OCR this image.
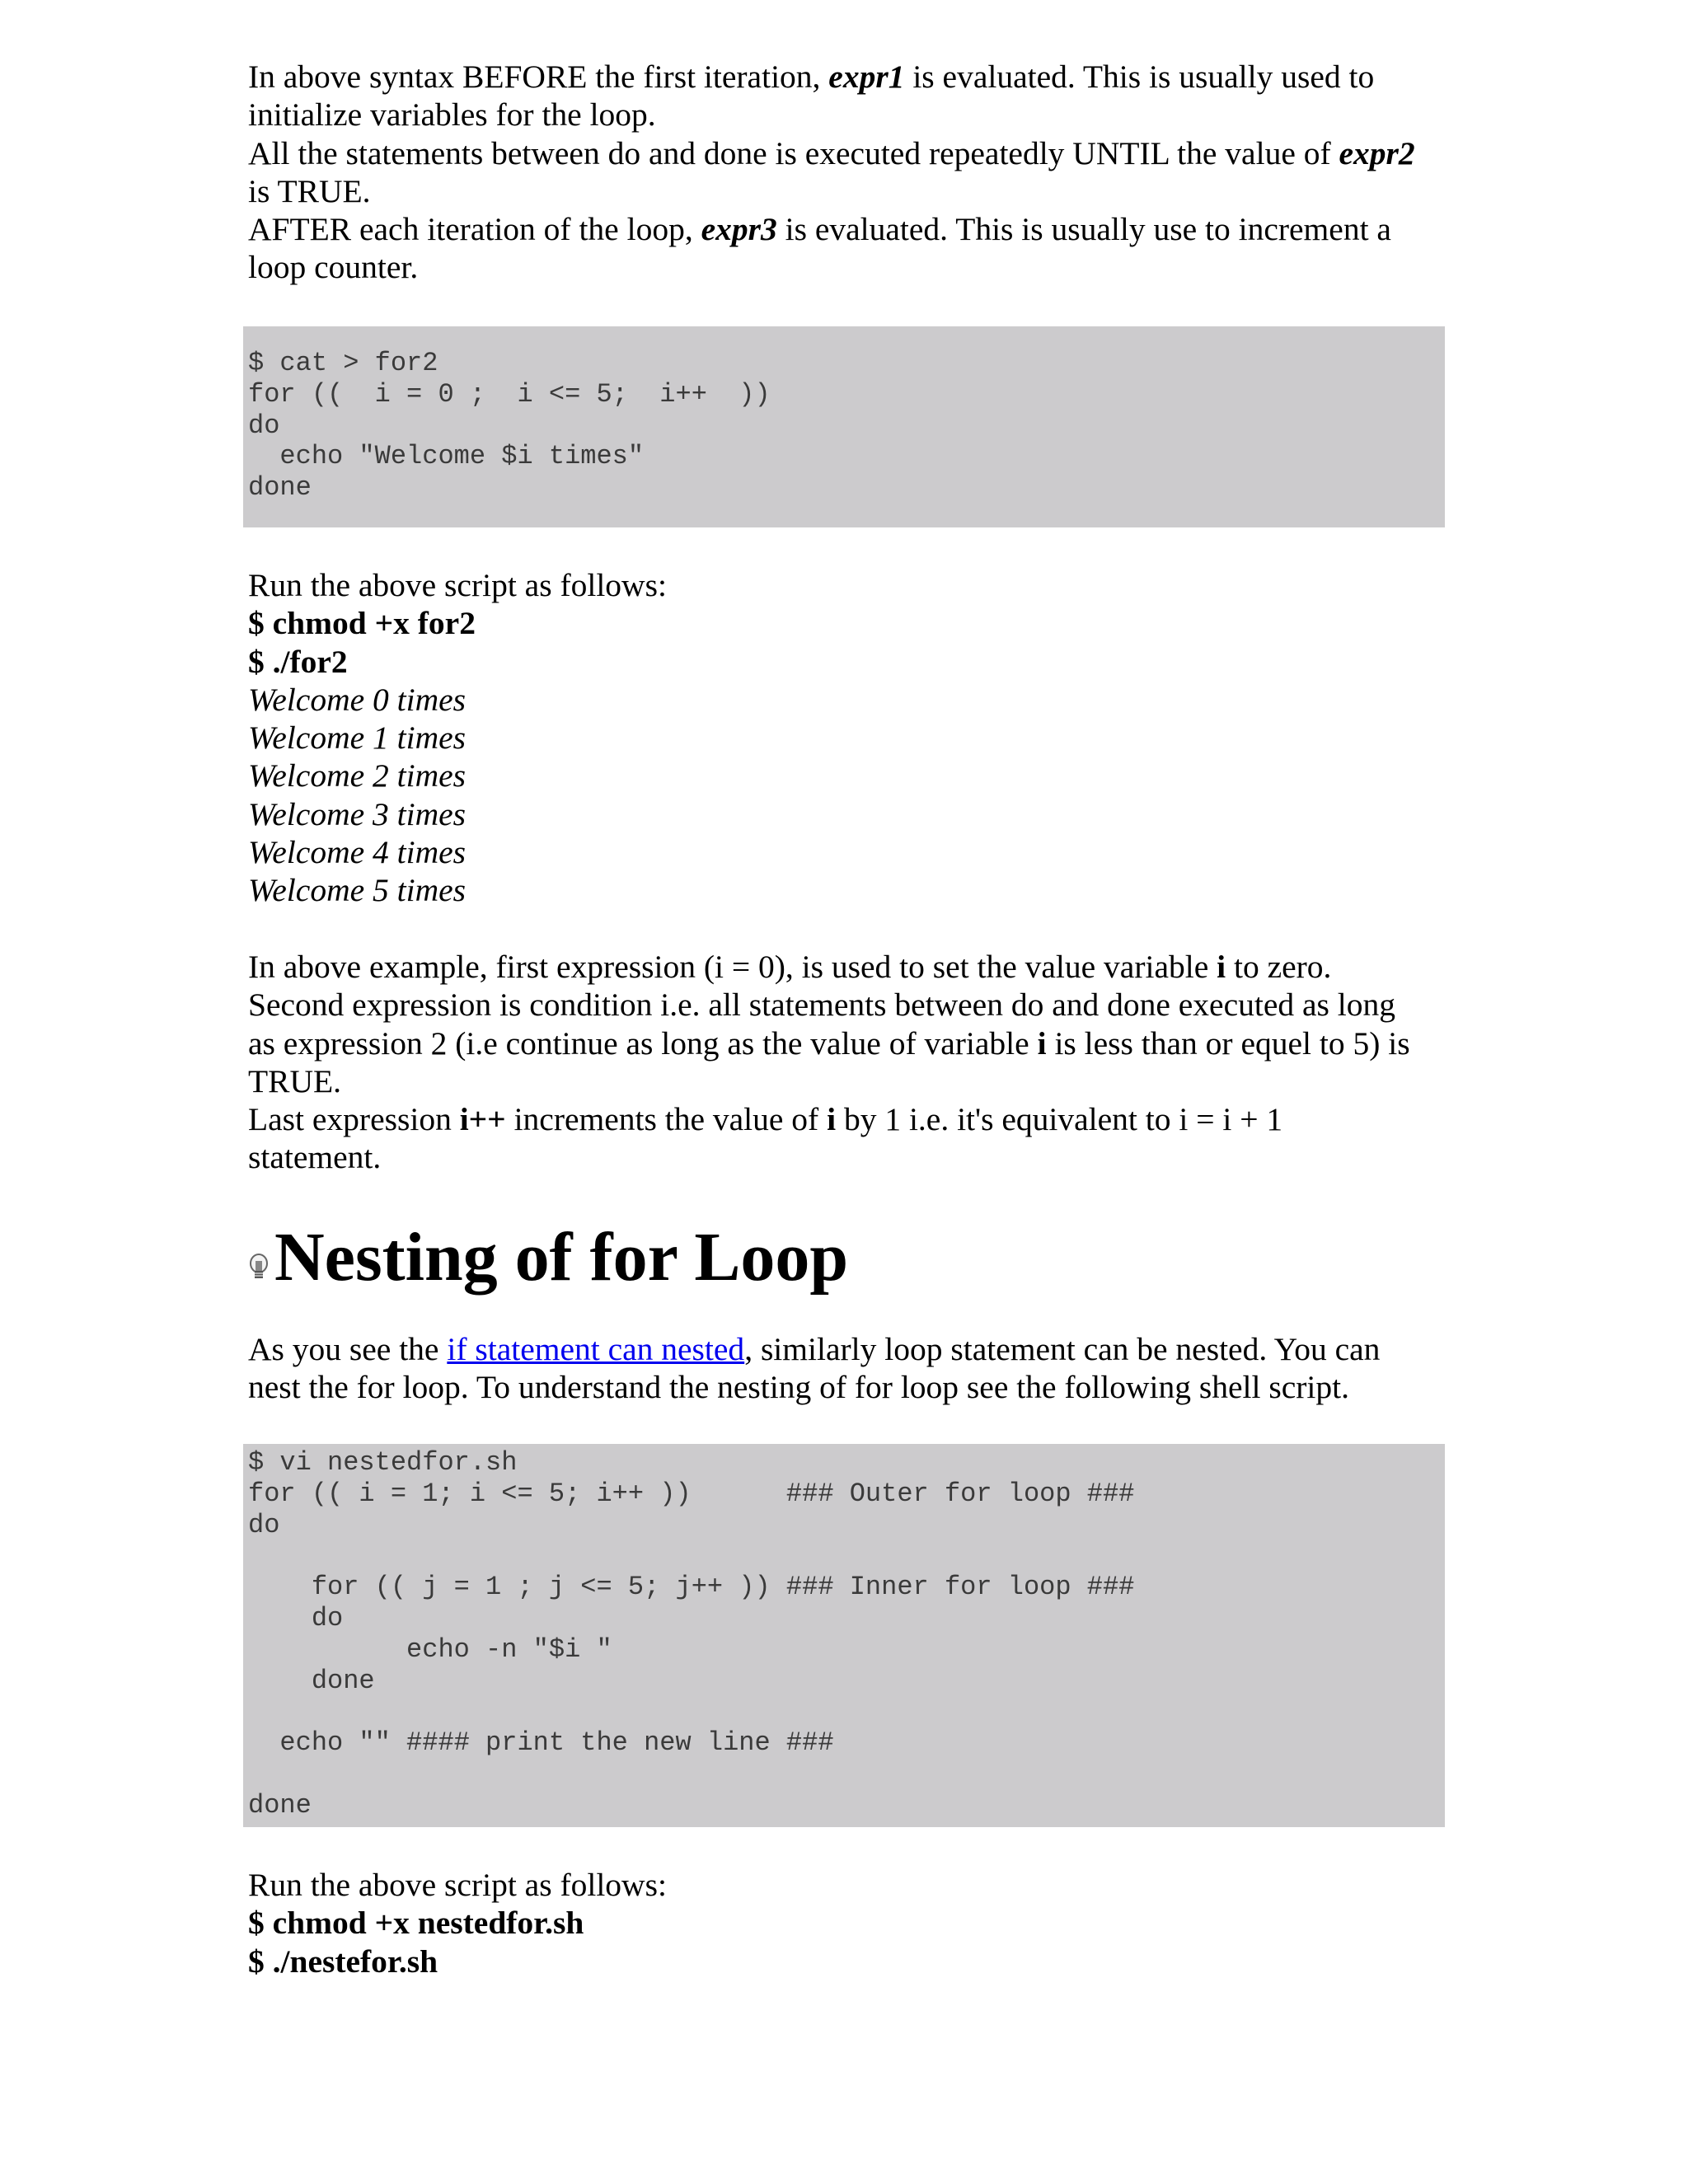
In above syntax BEFORE the first iteration, expr1 is evaluated. This is usually used to
initialize variables for the loop.
All the statements between do and done is executed repeatedly UNTIL the value of expr2
is TRUE.
AFTER each iteration of the loop, expr3 is evaluated. This is usually use to increment a
loop counter.
$ cat > for2
for ((  i = 0 ;  i <= 5;  i++  ))
do
echo "Welcome $i times"
done
Run the above script as follows:
$ chmod +x for2
$ ./for2
Welcome 0 times
Welcome 1 times
Welcome 2 times
Welcome 3 times
Welcome 4 times
Welcome 5 times
In above example, first expression (i = 0), is used to set the value variable i to zero.
Second expression is condition i.e. all statements between do and done executed as long
as expression 2 (i.e continue as long as the value of variable i is less than or equel to 5) is
TRUE.
Last expression i++ increments the value of i by 1 i.e. it's equivalent to i = i + 1
statement.
Nesting of for Loop
As you see the if statement can nested, similarly loop statement can be nested. You can
nest the for loop. To understand the nesting of for loop see the following shell script.
$ vi nestedfor.sh
for (( i = 1; i <= 5; i++ ))      ### Outer for loop ###
do

for (( j = 1 ; j <= 5; j++ )) ### Inner for loop ###
do
echo -n "$i "
done

echo "" #### print the new line ###

done
Run the above script as follows:
$ chmod +x nestedfor.sh
$ ./nestefor.sh
